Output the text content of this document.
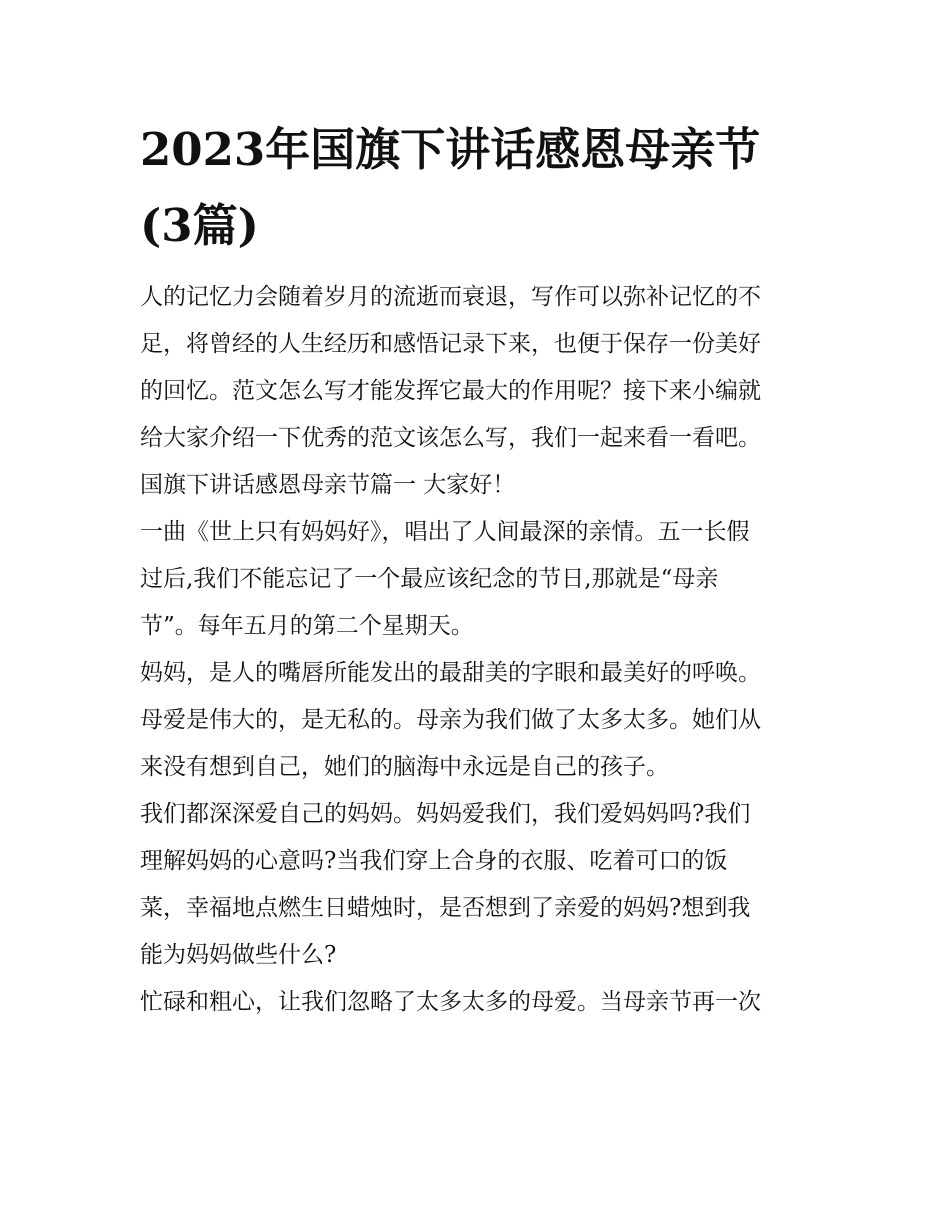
2023年国旗下讲话感恩母亲节
(3篇)
人的记忆力会随着岁月的流逝而衰退，写作可以弥补记忆的不
足，将曾经的人生经历和感悟记录下来，也便于保存一份美好
的回忆。范文怎么写才能发挥它最大的作用呢？接下来小编就
给大家介绍一下优秀的范文该怎么写，我们一起来看一看吧。
国旗下讲话感恩母亲节篇一 大家好！
一曲《世上只有妈妈好》，唱出了人间最深的亲情。五一长假
过后,我们不能忘记了一个最应该纪念的节日,那就是“母亲
节”。每年五月的第二个星期天。
妈妈，是人的嘴唇所能发出的最甜美的字眼和最美好的呼唤。
母爱是伟大的，是无私的。母亲为我们做了太多太多。她们从
来没有想到自己，她们的脑海中永远是自己的孩子。
我们都深深爱自己的妈妈。妈妈爱我们，我们爱妈妈吗?我们
理解妈妈的心意吗?当我们穿上合身的衣服、吃着可口的饭
菜，幸福地点燃生日蜡烛时，是否想到了亲爱的妈妈?想到我
能为妈妈做些什么?
忙碌和粗心，让我们忽略了太多太多的母爱。当母亲节再一次
